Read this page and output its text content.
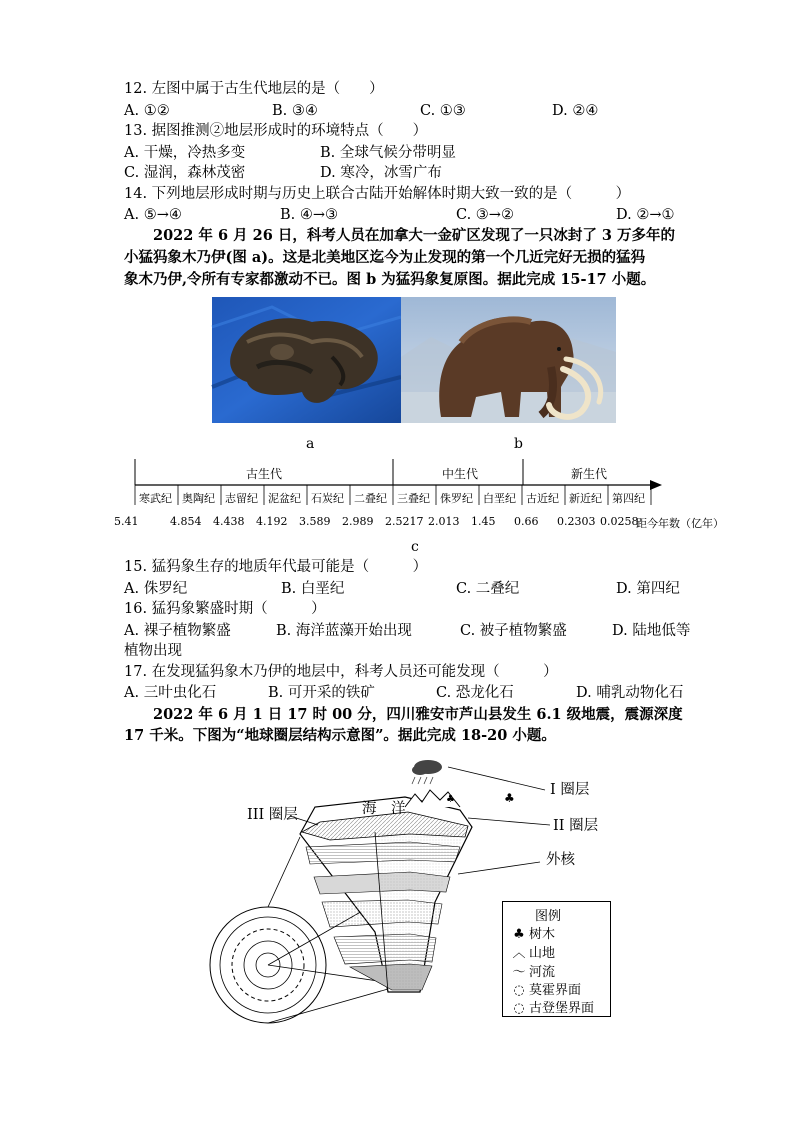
12. 左图中属于古生代地层的是（　　）
A. ①②	B. ③④	C. ①③	D. ②④
13. 据图推测②地层形成时的环境特点（　　）
A. 干燥，冷热多变	B. 全球气候分带明显
C. 湿润，森林茂密	D. 寒冷，冰雪广布
14. 下列地层形成时期与历史上联合古陆开始解体时期大致一致的是（　　　）
A. ⑤→④	B. ④→③	C. ③→②	D. ②→①
　　2022 年 6 月 26 日，科考人员在加拿大一金矿区发现了一只冰封了 3 万多年的
小猛犸象木乃伊(图 a)。这是北美地区迄今为止发现的第一个几近完好无损的猛犸
象木乃伊,令所有专家都激动不已。图 b 为猛犸象复原图。据此完成 15-17 小题。
a	b
古生代	中生代	新生代
寒武纪 奥陶纪 志留纪 泥盆纪 石炭纪 二叠纪 三叠纪 侏罗纪 白垩纪 古近纪 新近纪 第四纪
5.41	4.854 4.438 4.192 3.589 2.989 2.5217 2.013 1.45 0.66 0.2303 0.0258
距今年数（亿年）
c
15. 猛犸象生存的地质年代最可能是（　　　）
A. 侏罗纪	B. 白垩纪	C. 二叠纪	D. 第四纪
16. 猛犸象繁盛时期（　　　）
A. 裸子植物繁盛	B. 海洋蓝藻开始出现	C. 被子植物繁盛	D. 陆地低等
植物出现
17. 在发现猛犸象木乃伊的地层中，科考人员还可能发现（　　　）
A. 三叶虫化石	B. 可开采的铁矿	C. 恐龙化石	D. 哺乳动物化石
　　2022 年 6 月 1 日 17 时 00 分，四川雅安市芦山县发生 6.1 级地震，震源深度
17 千米。下图为“地球圈层结构示意图”。据此完成 18-20 小题。
♣	♣ I 圈层
II 圈层
III 圈层	海　洋
外核
图例
♣ 树木
︿ 山地
〜 河流
◌ 莫霍界面
◌ 古登堡界面
